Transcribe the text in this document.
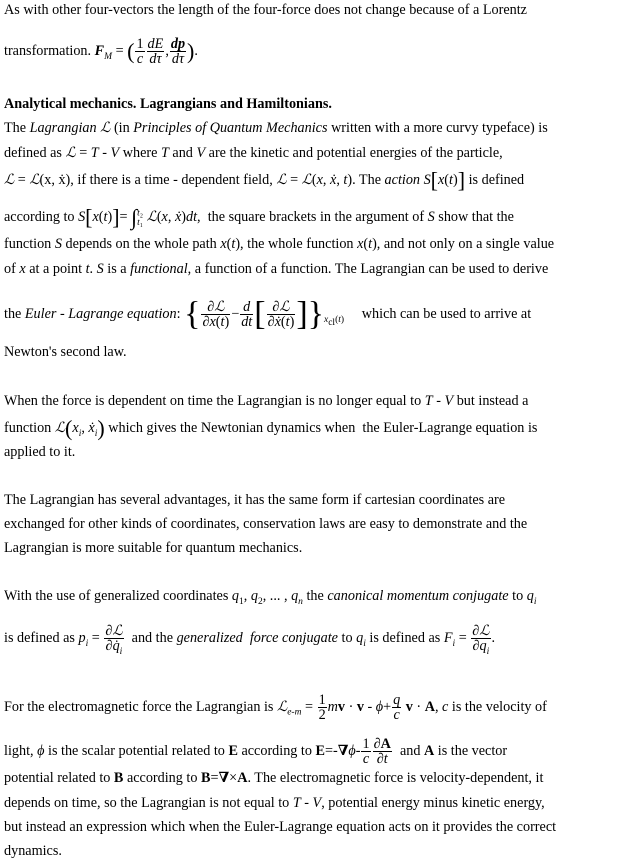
As with other four-vectors the length of the four-force does not change because of a Lorentz
transformation. $F_M$ = ( $\frac{1}{c} \frac{dE}{d\tau}$ , $\frac{dp}{d\tau}$ ).
Analytical mechanics. Lagrangians and Hamiltonians.
The Lagrangian ℒ (in Principles of Quantum Mechanics written with a more curvy typeface) is
defined as ℒ = T - V where T and V are the kinetic and potential energies of the particle,
ℒ = ℒ(x, ẋ), if there is a time - dependent field, ℒ = ℒ(x, ẋ, t). The action S[x(t)] is defined
according to S[x(t)]= ∫$^{t_2}_{t_1}$ ℒ(x, ẋ)dt,  the square brackets in the argument of S show that the
function S depends on the whole path x(t), the whole function x(t), and not only on a single value
of x at a point t. S is a functional, a function of a function. The Lagrangian can be used to derive
the Euler - Lagrange equation: { $\frac{\text{∂ℒ}}{\partial x(t)} - \frac{d}{dt}$ [ $\frac{\text{∂ℒ}}{\text{∂ẋ(t)}} ]\}_{x_{cl}(t)}$     which can be used to arrive at
Newton's second law.
When the force is dependent on time the Lagrangian is no longer equal to T - V but instead a
function $ℒ(x_i$, ẋ$_i$) which gives the Newtonian dynamics when  the Euler-Lagrange equation is
applied to it.
The Lagrangian has several advantages, it has the same form if cartesian coordinates are
exchanged for other kinds of coordinates, conservation laws are easy to demonstrate and the
Lagrangian is more suitable for quantum mechanics.
With the use of generalized coordinates $q_1$, $q_2$, ... , $q_n$ the canonical momentum conjugate to $q_i$
is defined as $p_i = \frac{\text{∂ℒ}}{\partial q̇_i}$ and the generalized  force conjugate to $q_i$ is defined as $F_i = \frac{\text{∂ℒ}}{\partial q_i}$ .
For the electromagnetic force the Lagrangian is ℒ$_{e-m}$ = $\frac{1}{2}$ mv · $v - \phi+ \frac{q}{c}$ v · A, c is the velocity of
light, ϕ is the scalar potential related to E according to $E=-\nabla\phi- \frac{1}{c} \frac{\partial A}{\partial t}$ and A is the vector
potential related to B according to B=∇×A. The electromagnetic force is velocity-dependent, it
depends on time, so the Lagrangian is not equal to T - V, potential energy minus kinetic energy,
but instead an expression which when the Euler-Lagrange equation acts on it provides the correct
dynamics.
